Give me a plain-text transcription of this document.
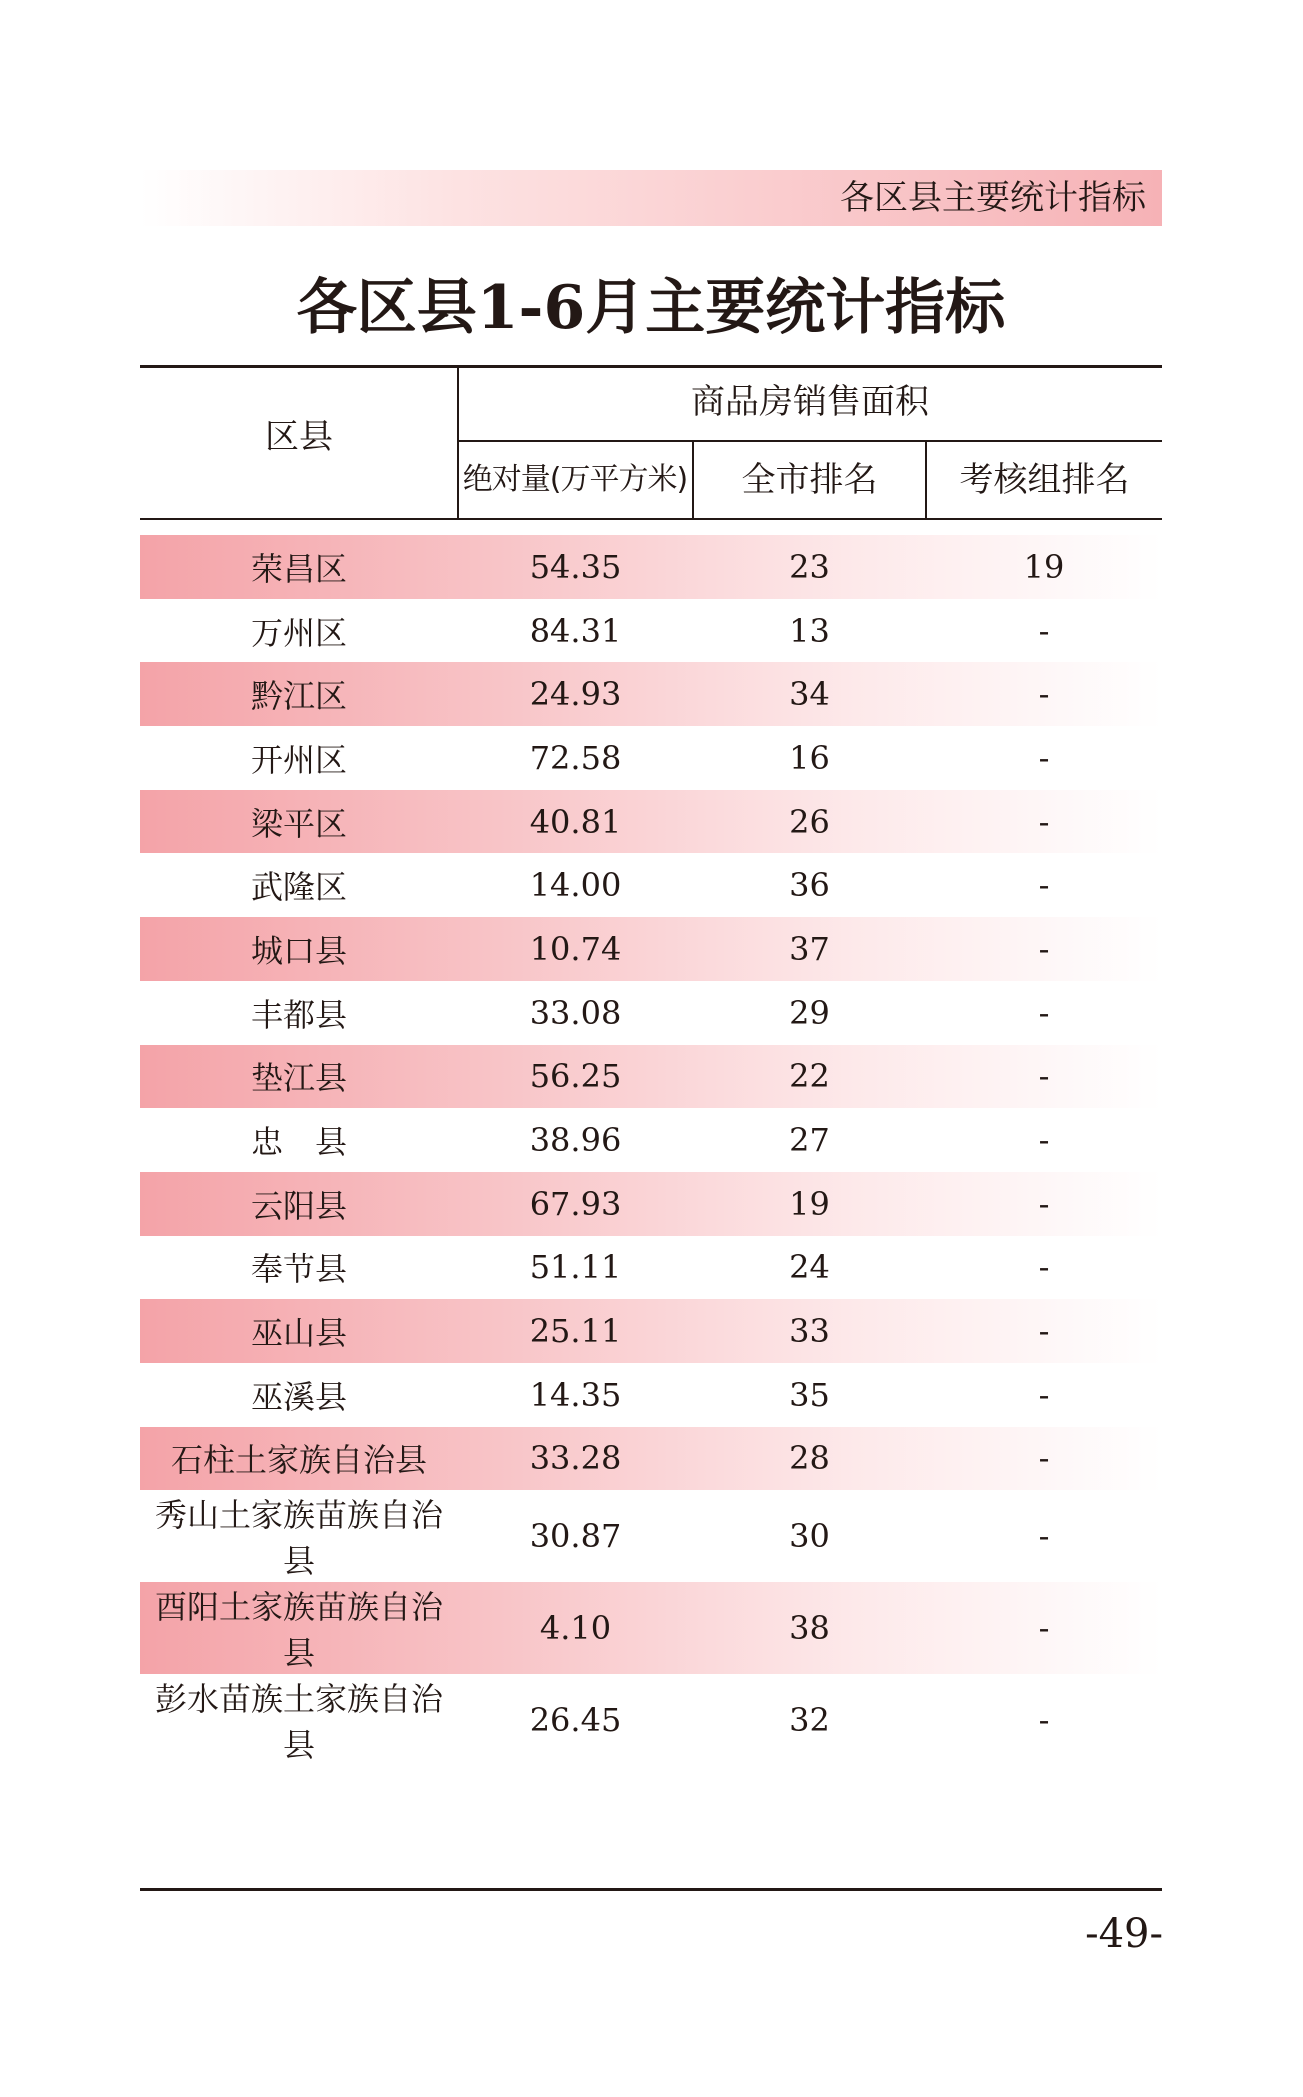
各区县主要统计指标
各区县1-6月主要统计指标
区县
商品房销售面积
绝对量(万平方米)	全市排名	考核组排名
荣昌区	54.35	23	19
万州区	84.31	13	-
黔江区	24.93	34	-
开州区	72.58	16	-
梁平区	40.81	26	-
武隆区	14.00	36	-
城口县	10.74	37	-
丰都县	33.08	29	-
垫江县	56.25	22	-
忠　县	38.96	27	-
云阳县	67.93	19	-
奉节县	51.11	24	-
巫山县	25.11	33	-
巫溪县	14.35	35	-
石柱土家族自治县	33.28	28	-
秀山土家族苗族自治县	30.87	30	-
酉阳土家族苗族自治县	4.10	38	-
彭水苗族土家族自治县	26.45	32	-
-49-
